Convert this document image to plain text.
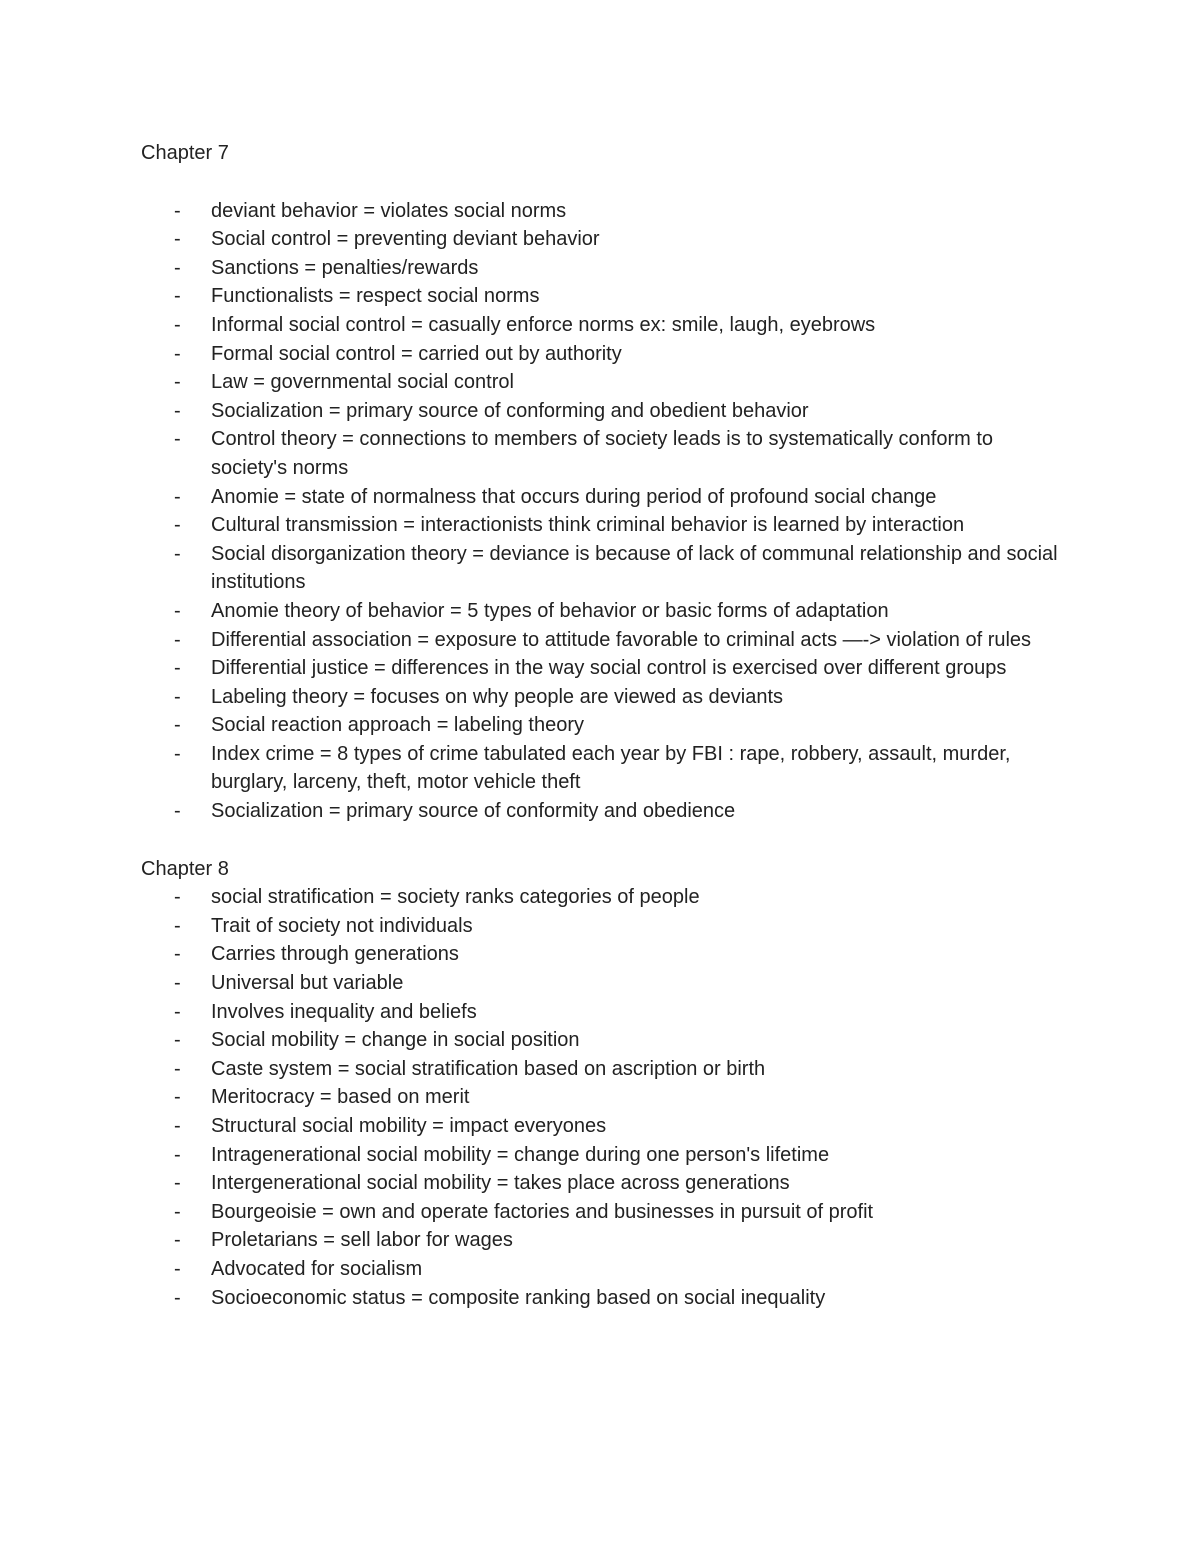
Chapter 7
- deviant behavior = violates social norms
- Social control = preventing deviant behavior
- Sanctions = penalties/rewards
- Functionalists = respect social norms
- Informal social control = casually enforce norms ex: smile, laugh, eyebrows
- Formal social control = carried out by authority
- Law = governmental social control
- Socialization = primary source of conforming and obedient behavior
- Control theory = connections to members of society leads is to systematically conform to society's norms
- Anomie = state of normalness that occurs during period of profound social change
- Cultural transmission = interactionists think criminal behavior is learned by interaction
- Social disorganization theory = deviance is because of lack of communal relationship and social institutions
- Anomie theory of behavior = 5 types of behavior or basic forms of adaptation
- Differential association = exposure to attitude favorable to criminal acts —-> violation of rules
- Differential justice = differences in the way social control is exercised over different groups
- Labeling theory = focuses on why people are viewed as deviants
- Social reaction approach = labeling theory
- Index crime = 8 types of crime tabulated each year by FBI : rape, robbery, assault, murder, burglary, larceny, theft, motor vehicle theft
- Socialization = primary source of conformity and obedience
Chapter 8
- social stratification = society ranks categories of people
- Trait of society not individuals
- Carries through generations
- Universal but variable
- Involves inequality and beliefs
- Social mobility = change in social position
- Caste system = social stratification based on ascription or birth
- Meritocracy = based on merit
- Structural social mobility = impact everyones
- Intragenerational social mobility = change during one person's lifetime
- Intergenerational social mobility = takes place across generations
- Bourgeoisie = own and operate factories and businesses in pursuit of profit
- Proletarians = sell labor for wages
- Advocated for socialism
- Socioeconomic status = composite ranking based on social inequality
